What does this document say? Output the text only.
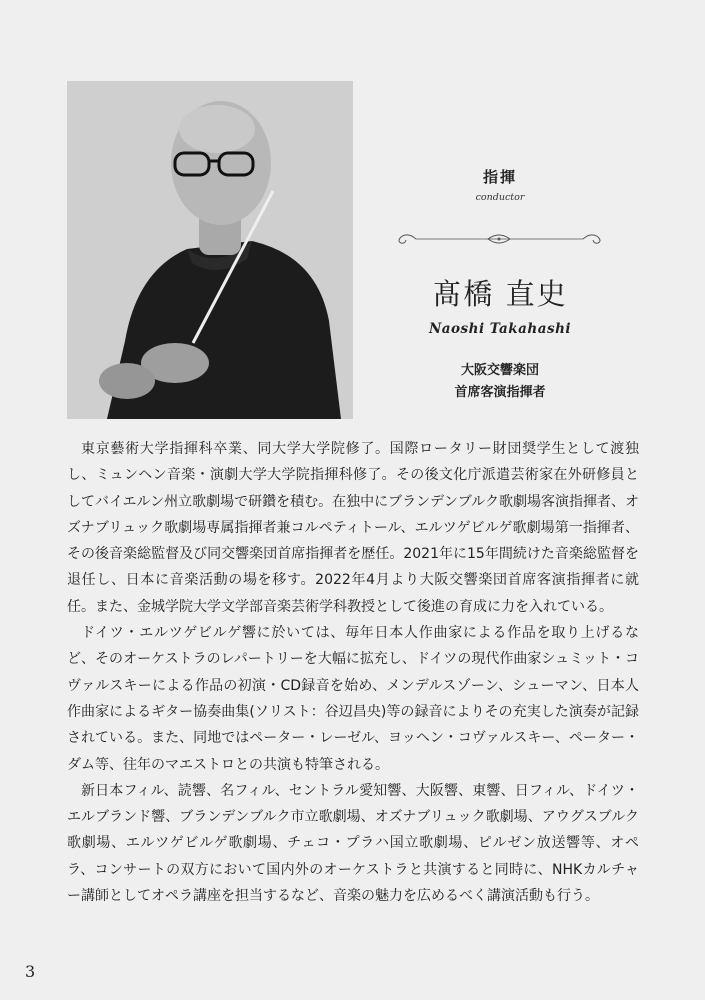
指揮
conductor
髙橋 直史
Naoshi Takahashi
大阪交響楽団
首席客演指揮者

東京藝術大学指揮科卒業、同大学大学院修了。国際ロータリー財団奨学生として渡独し、ミュンヘン音楽・演劇大学大学院指揮科修了。その後文化庁派遣芸術家在外研修員としてバイエルン州立歌劇場で研鑽を積む。在独中にブランデンブルク歌劇場客演指揮者、オズナブリュック歌劇場専属指揮者兼コルペティトール、エルツゲビルゲ歌劇場第一指揮者、その後音楽総監督及び同交響楽団首席指揮者を歴任。2021年に15年間続けた音楽総監督を退任し、日本に音楽活動の場を移す。2022年4月より大阪交響楽団首席客演指揮者に就任。また、金城学院大学文学部音楽芸術学科教授として後進の育成に力を入れている。

ドイツ・エルツゲビルゲ響に於いては、毎年日本人作曲家による作品を取り上げるなど、そのオーケストラのレパートリーを大幅に拡充し、ドイツの現代作曲家シュミット・コヴァルスキーによる作品の初演・CD録音を始め、メンデルスゾーン、シューマン、日本人作曲家によるギター協奏曲集(ソリスト：谷辺昌央)等の録音によりその充実した演奏が記録されている。また、同地ではペーター・レーゼル、ヨッヘン・コヴァルスキー、ペーター・ダム等、往年のマエストロとの共演も特筆される。

新日本フィル、読響、名フィル、セントラル愛知響、大阪響、東響、日フィル、ドイツ・エルブランド響、ブランデンブルク市立歌劇場、オズナブリュック歌劇場、アウグスブルク歌劇場、エルツゲビルゲ歌劇場、チェコ・プラハ国立歌劇場、ピルゼン放送響等、オペラ、コンサートの双方において国内外のオーケストラと共演すると同時に、NHKカルチャー講師としてオペラ講座を担当するなど、音楽の魅力を広めるべく講演活動も行う。

3
